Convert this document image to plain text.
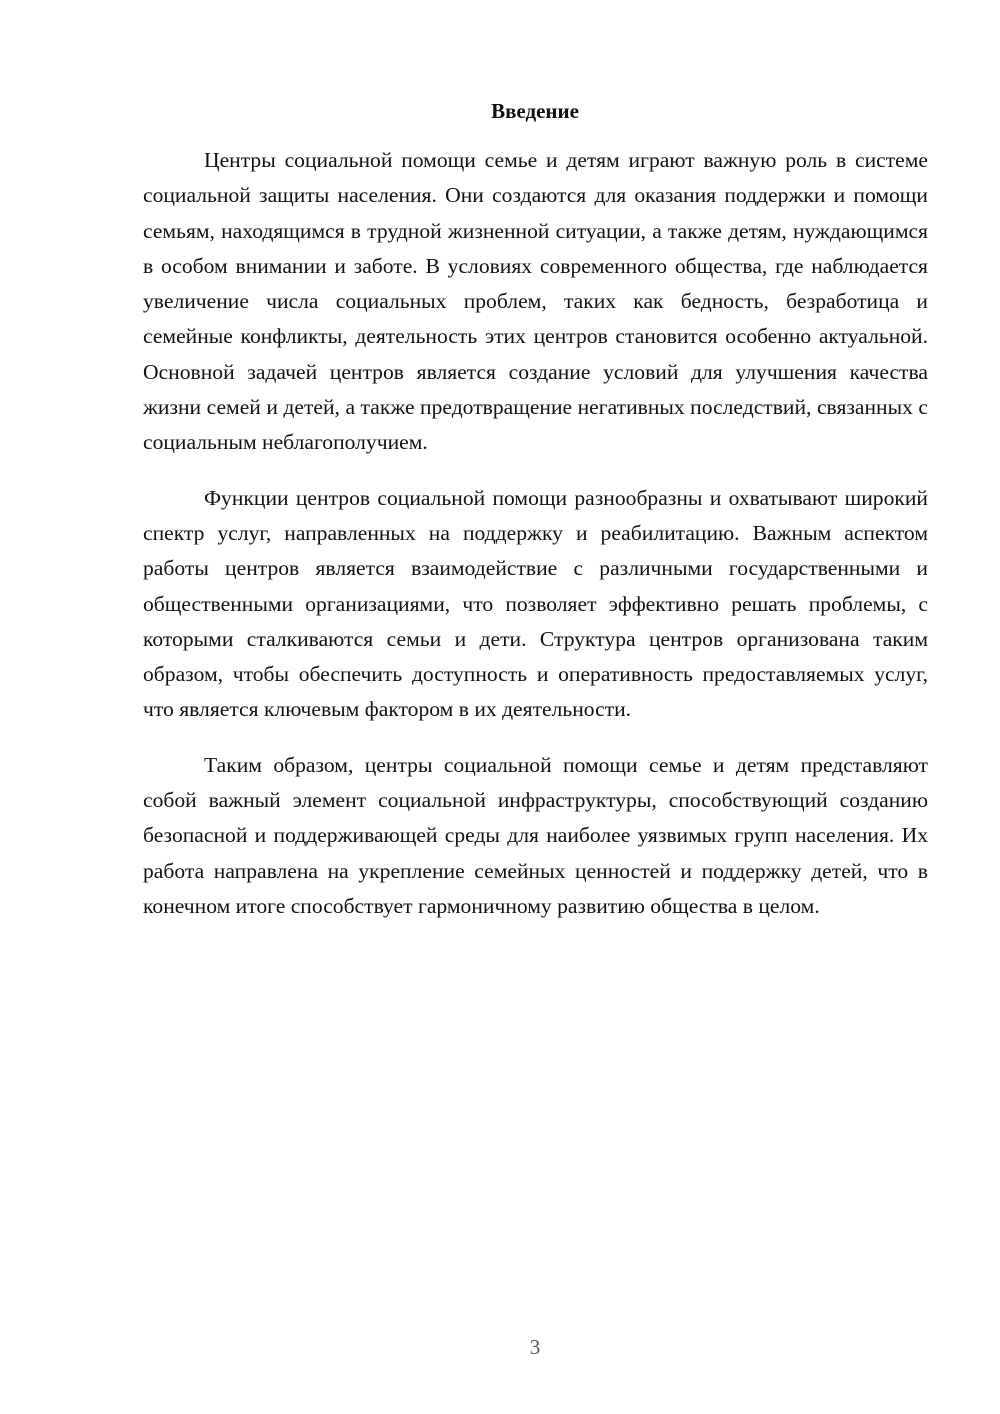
Введение

Центры социальной помощи семье и детям играют важную роль в системе социальной защиты населения. Они создаются для оказания поддержки и помощи семьям, находящимся в трудной жизненной ситуации, а также детям, нуждающимся в особом внимании и заботе. В условиях современного общества, где наблюдается увеличение числа социальных проблем, таких как бедность, безработица и семейные конфликты, деятельность этих центров становится особенно актуальной. Основной задачей центров является создание условий для улучшения качества жизни семей и детей, а также предотвращение негативных последствий, связанных с социальным неблагополучием.

Функции центров социальной помощи разнообразны и охватывают широкий спектр услуг, направленных на поддержку и реабилитацию. Важным аспектом работы центров является взаимодействие с различными государственными и общественными организациями, что позволяет эффективно решать проблемы, с которыми сталкиваются семьи и дети. Структура центров организована таким образом, чтобы обеспечить доступность и оперативность предоставляемых услуг, что является ключевым фактором в их деятельности.

Таким образом, центры социальной помощи семье и детям представляют собой важный элемент социальной инфраструктуры, способствующий созданию безопасной и поддерживающей среды для наиболее уязвимых групп населения. Их работа направлена на укрепление семейных ценностей и поддержку детей, что в конечном итоге способствует гармоничному развитию общества в целом.

3
